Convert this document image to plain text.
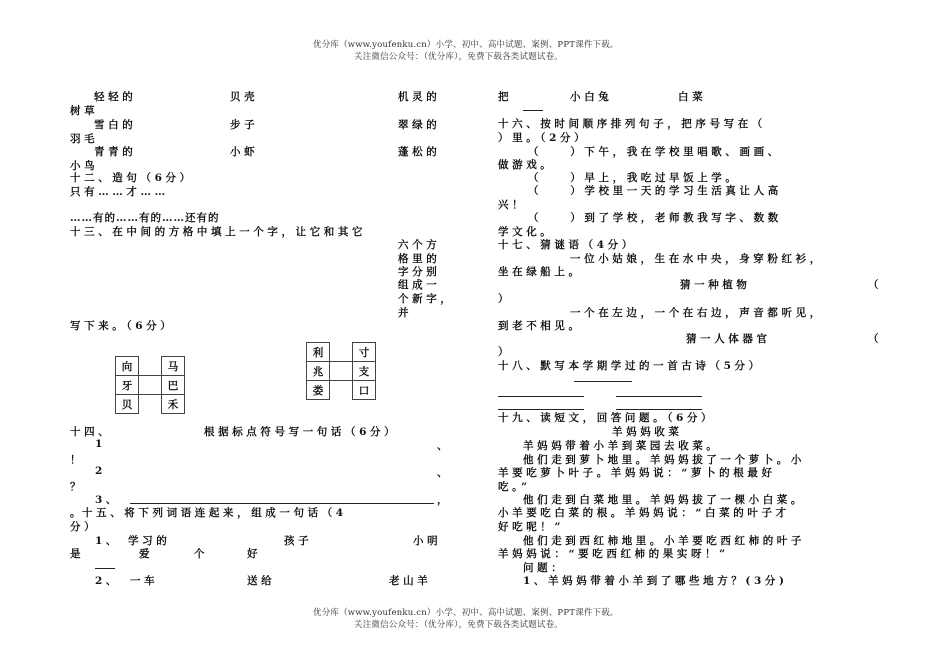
优分库（www.youfenku.cn）小学、初中、高中试题、案例、PPT课件下载。
关注微信公众号：（优分库），免费下载各类试题试卷。
轻轻的	贝壳	机灵的
树草
雪白的	步子	翠绿的
羽毛
青青的	小虾	蓬松的
小鸟
十二、造句（6分）
只有……才……
……有的……有的……还有的
十三、在中间的方格中填上一个字，让它和其它
六个方
格里的
字分别
组成一
个新字，
并
写下来。（6分）
向		马
牙		巴
贝		禾
利		寸
兆		支
娄		口
十四、	根据标点符号写一句话（6分）
1	、
！
2	、
？
3、	，
。
十五、将下列词语连起来，组成一句话（4
分）
1、 学习的	孩子	小明
是	爱	个	好
2、 一车	送给	老山羊
把	小白兔	白菜
十六、按时间顺序排列句子，把序号写在（
）里。（2分）
（　　）下午，我在学校里唱歌、画画、
做游戏。
（　　）早上，我吃过早饭上学。
（　　）学校里一天的学习生活真让人高
兴！
（　　）到了学校，老师教我写字、数数
学文化。
十七、猜谜语（4分）
一位小姑娘，生在水中央，身穿粉红衫，
坐在绿船上。
猜一种植物	（
）
一个在左边，一个在右边，声音都听见，
到老不相见。
猜一人体器官	（
）
十八、默写本学期学过的一首古诗（5分）
十九、读短文，回答问题。（6分）
羊妈妈收菜
羊妈妈带着小羊到菜园去收菜。
他们走到萝卜地里。羊妈妈拔了一个萝卜。小
羊要吃萝卜叶子。羊妈妈说：“萝卜的根最好
吃。”
他们走到白菜地里。羊妈妈拔了一棵小白菜。
小羊要吃白菜的根。羊妈妈说：“白菜的叶子才
好吃呢！”
他们走到西红柿地里。小羊要吃西红柿的叶子
羊妈妈说：“要吃西红柿的果实呀！”
问题：
1、羊妈妈带着小羊到了哪些地方？(3分)
优分库（www.youfenku.cn）小学、初中、高中试题、案例、PPT课件下载。
关注微信公众号：（优分库），免费下载各类试题试卷。
